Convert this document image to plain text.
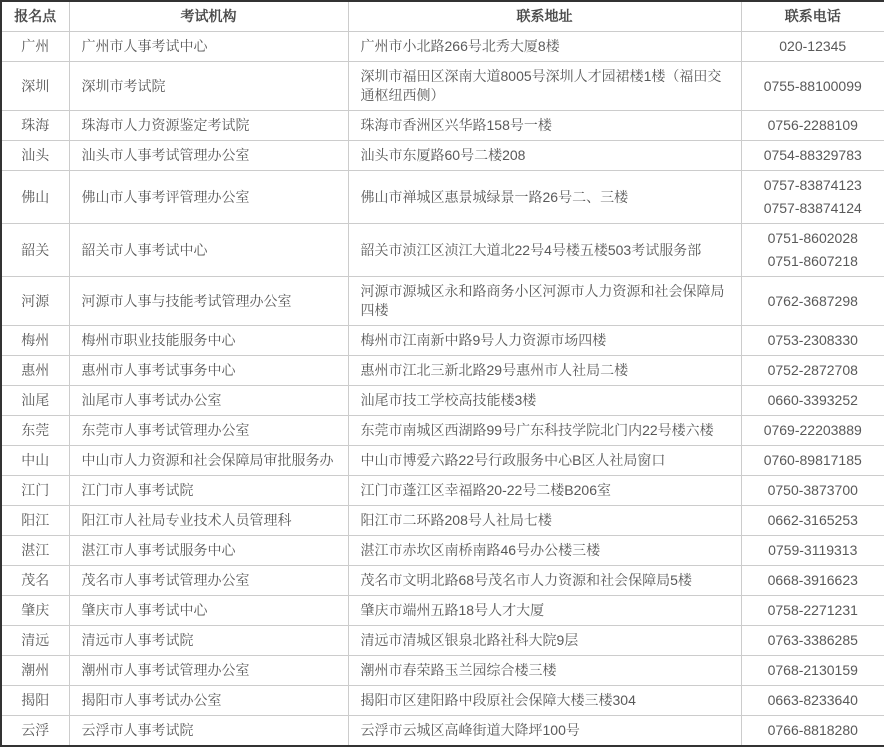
报名点	考试机构	联系地址	联系电话
广州	广州市人事考试中心	广州市小北路266号北秀大厦8楼	020-12345

深圳	深圳市考试院	深圳市福田区深南大道8005号深圳人才园裙楼1楼（福田交通枢纽西侧）	0755-88100099

珠海	珠海市人力资源鉴定考试院	珠海市香洲区兴华路158号一楼	0756-2288109

汕头	汕头市人事考试管理办公室	汕头市东厦路60号二楼208	0754-88329783

佛山	佛山市人事考评管理办公室	佛山市禅城区惠景城绿景一路26号二、三楼	0757-83874123
0757-83874124

韶关	韶关市人事考试中心	韶关市浈江区浈江大道北22号4号楼五楼503考试服务部	0751-8602028
0751-8607218

河源	河源市人事与技能考试管理办公室	河源市源城区永和路商务小区河源市人力资源和社会保障局四楼	0762-3687298

梅州	梅州市职业技能服务中心	梅州市江南新中路9号人力资源市场四楼	0753-2308330

惠州	惠州市人事考试事务中心	惠州市江北三新北路29号惠州市人社局二楼	0752-2872708

汕尾	汕尾市人事考试办公室	汕尾市技工学校高技能楼3楼	0660-3393252

东莞	东莞市人事考试管理办公室	东莞市南城区西湖路99号广东科技学院北门内22号楼六楼	0769-22203889

中山	中山市人力资源和社会保障局审批服务办	中山市博爱六路22号行政服务中心B区人社局窗口	0760-89817185

江门	江门市人事考试院	江门市蓬江区幸福路20-22号二楼B206室	0750-3873700

阳江	阳江市人社局专业技术人员管理科	阳江市二环路208号人社局七楼	0662-3165253

湛江	湛江市人事考试服务中心	湛江市赤坎区南桥南路46号办公楼三楼	0759-3119313

茂名	茂名市人事考试管理办公室	茂名市文明北路68号茂名市人力资源和社会保障局5楼	0668-3916623

肇庆	肇庆市人事考试中心	肇庆市端州五路18号人才大厦	0758-2271231

清远	清远市人事考试院	清远市清城区银泉北路社科大院9层	0763-3386285

潮州	潮州市人事考试管理办公室	潮州市春荣路玉兰园综合楼三楼	0768-2130159

揭阳	揭阳市人事考试办公室	揭阳市区建阳路中段原社会保障大楼三楼304	0663-8233640

云浮	云浮市人事考试院	云浮市云城区高峰街道大降坪100号	0766-8818280
